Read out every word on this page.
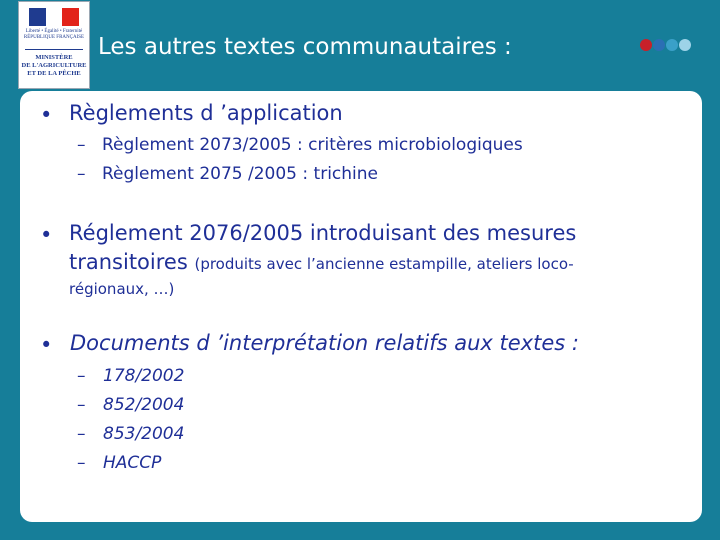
Liberté • Égalité • Fraternité
RÉPUBLIQUE FRANÇAISE
MINISTÈRE
DE L'AGRICULTURE
ET DE LA PÊCHE
Les autres textes communautaires :
• Règlements d ’application
– Règlement 2073/2005 : critères microbiologiques
– Règlement 2075 /2005 : trichine
• Réglement 2076/2005 introduisant des mesures
transitoires (produits avec l’ancienne estampille, ateliers loco-
régionaux, …)
• Documents d ’interprétation relatifs aux textes :
– 178/2002
– 852/2004
– 853/2004
– HACCP
